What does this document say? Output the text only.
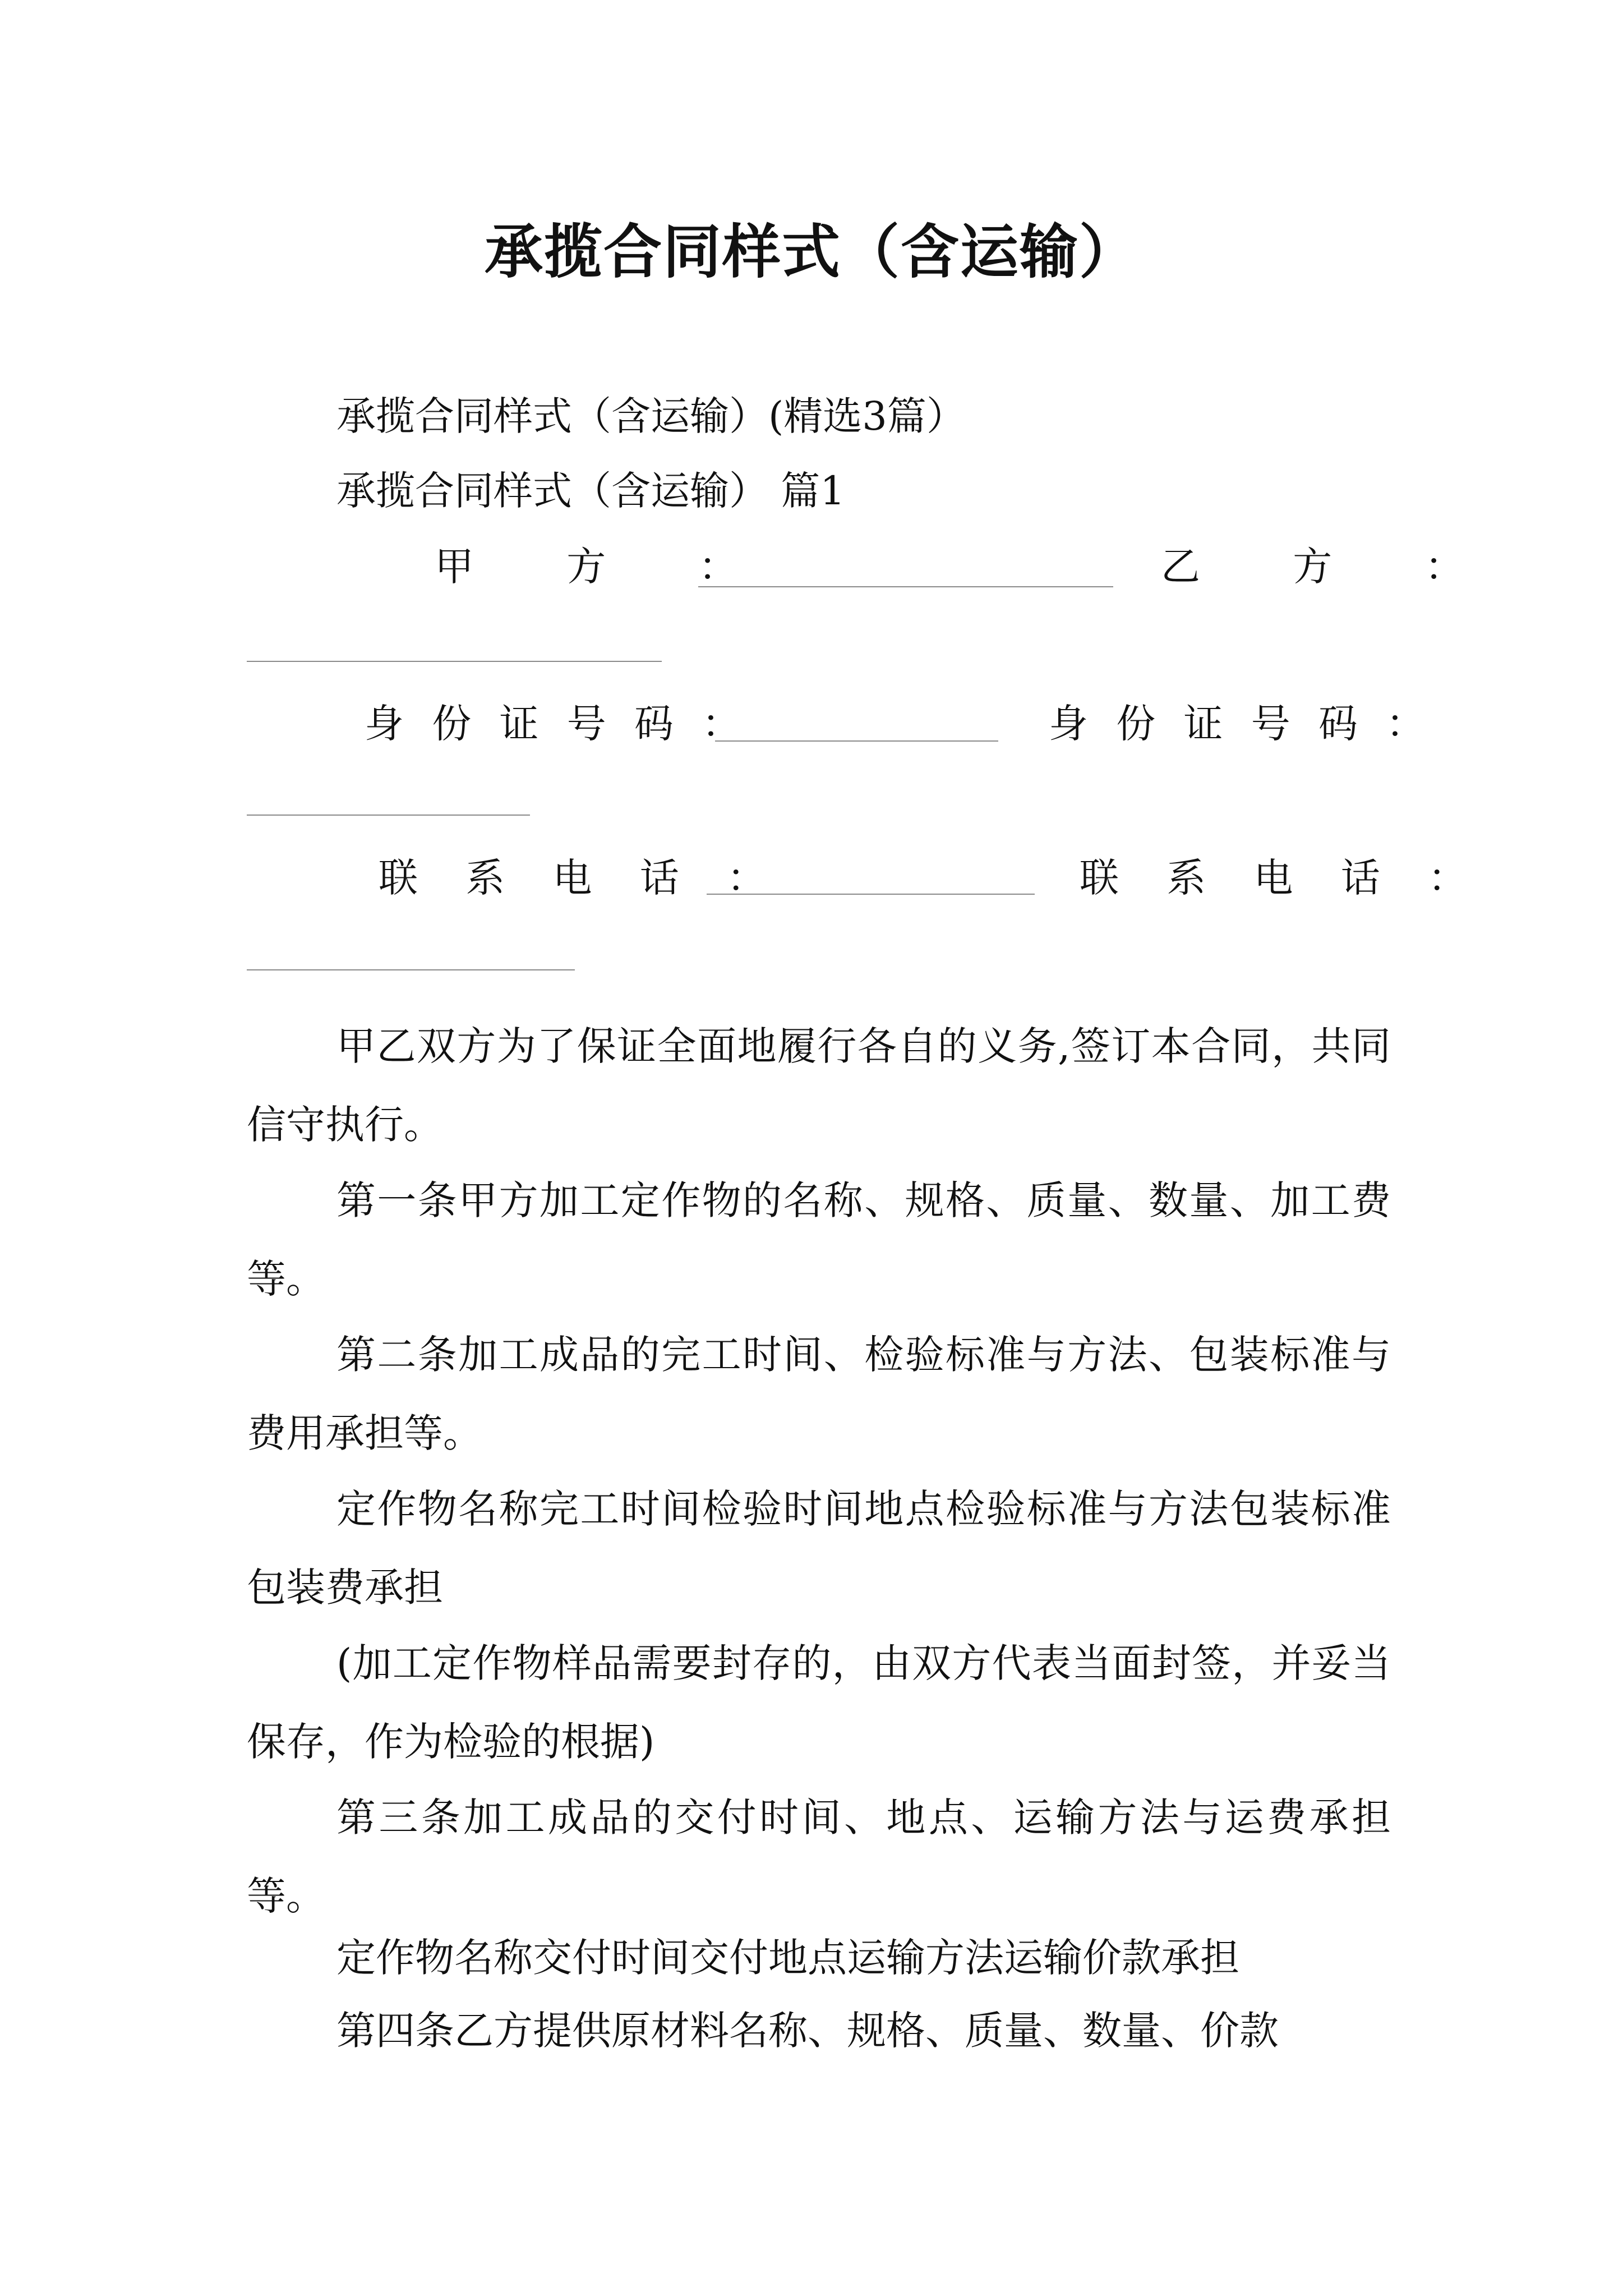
承揽合同样式（含运输）
承揽合同样式（含运输）(精选3篇）
承揽合同样式（含运输） 篇1
甲　方　：	乙　方　：
身 份 证 号 码 ：	身 份 证 号 码 ：
联 系 电 话 ：	联 系 电 话 ：
甲乙双方为了保证全面地履行各自的义务,签订本合同，共同信守执行。
第一条甲方加工定作物的名称、规格、质量、数量、加工费等。
第二条加工成品的完工时间、检验标准与方法、包装标准与费用承担等。
定作物名称完工时间检验时间地点检验标准与方法包装标准包装费承担
(加工定作物样品需要封存的，由双方代表当面封签，并妥当保存，作为检验的根据)
第三条加工成品的交付时间、地点、运输方法与运费承担等。
定作物名称交付时间交付地点运输方法运输价款承担
第四条乙方提供原材料名称、规格、质量、数量、价款
